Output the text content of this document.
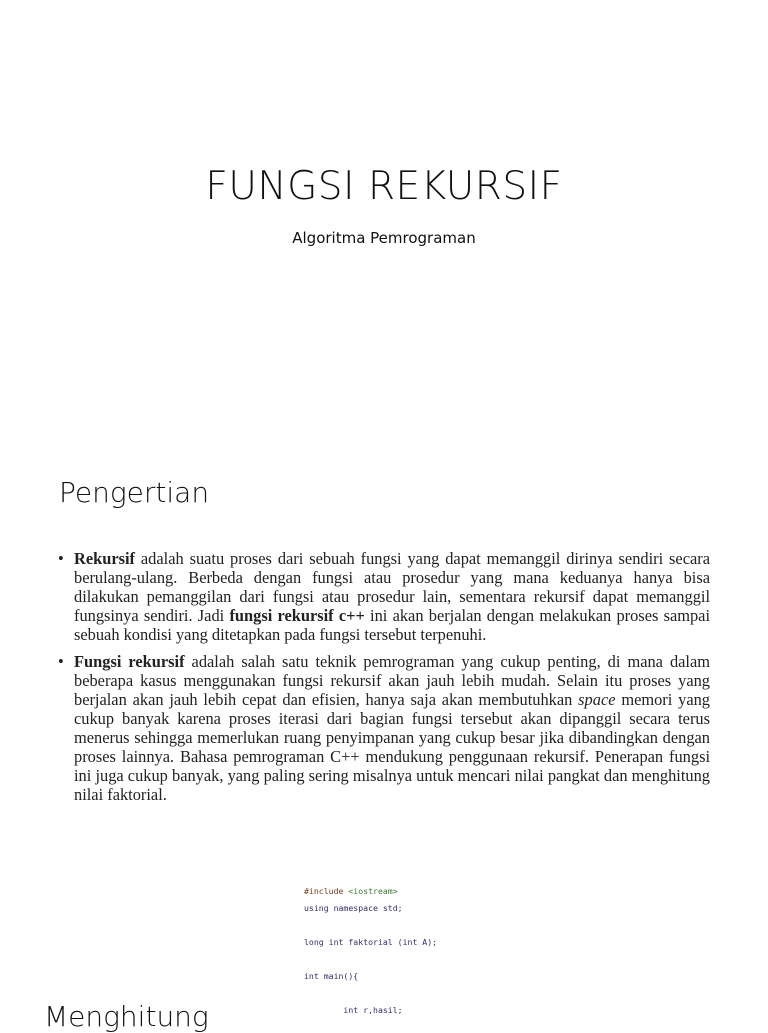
FUNGSI REKURSIF

Algoritma Pemrograman

Pengertian
• Rekursif adalah suatu proses dari sebuah fungsi yang dapat memanggil dirinya sendiri secara berulang-ulang. Berbeda dengan fungsi atau prosedur yang mana keduanya hanya bisa dilakukan pemanggilan dari fungsi atau prosedur lain, sementara rekursif dapat memanggil fungsinya sendiri. Jadi fungsi rekursif c++ ini akan berjalan dengan melakukan proses sampai sebuah kondisi yang ditetapkan pada fungsi tersebut terpenuhi.
• Fungsi rekursif adalah salah satu teknik pemrograman yang cukup penting, di mana dalam beberapa kasus menggunakan fungsi rekursif akan jauh lebih mudah. Selain itu proses yang berjalan akan jauh lebih cepat dan efisien, hanya saja akan membutuhkan space memori yang cukup banyak karena proses iterasi dari bagian fungsi tersebut akan dipanggil secara terus menerus sehingga memerlukan ruang penyimpanan yang cukup besar jika dibandingkan dengan proses lainnya. Bahasa pemrograman C++ mendukung penggunaan rekursif. Penerapan fungsi ini juga cukup banyak, yang paling sering misalnya untuk mencari nilai pangkat dan menghitung nilai faktorial.
#include <iostream>
using namespace std;
long int faktorial (int A);
int main(){
int r,hasil;
Menghitung
